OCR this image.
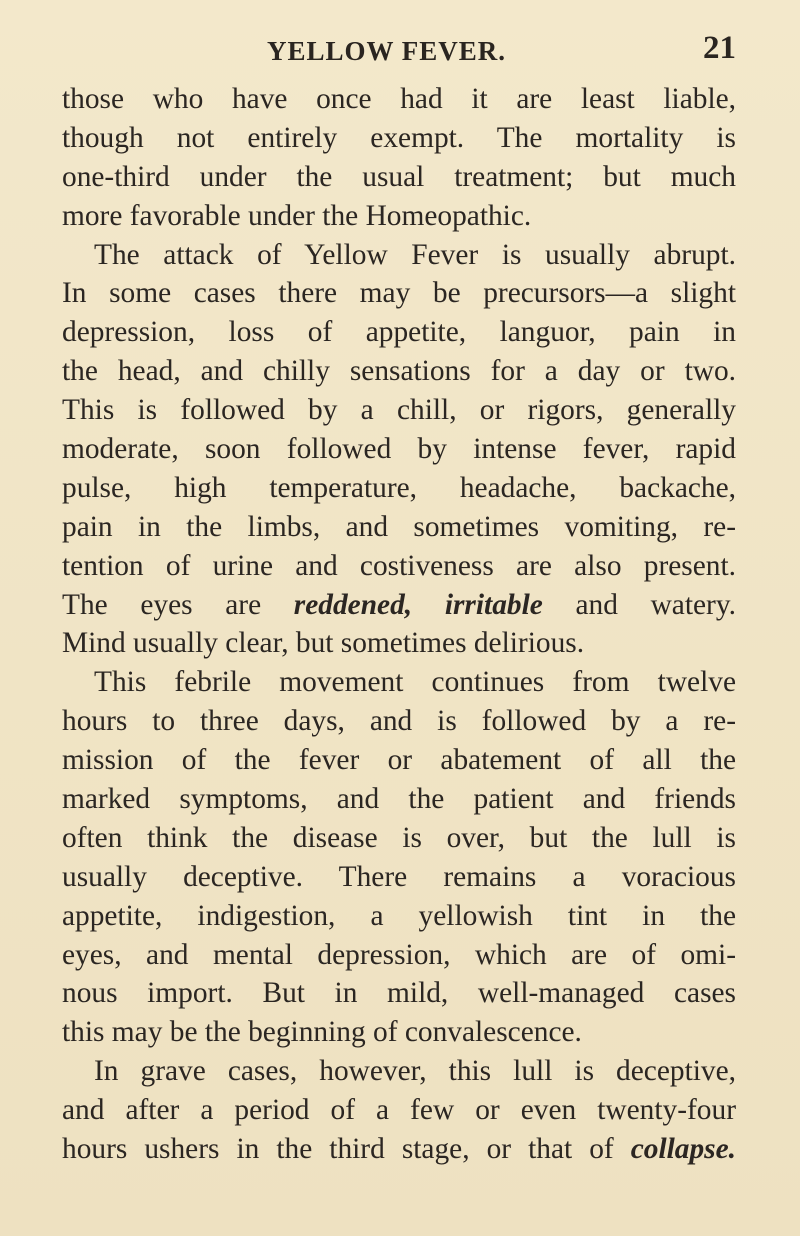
YELLOW FEVER.	21
those who have once had it are least liable,
though not entirely exempt. The mortality is
one-third under the usual treatment; but much
more favorable under the Homeopathic.
The attack of Yellow Fever is usually abrupt.
In some cases there may be precursors—a slight
depression, loss of appetite, languor, pain in
the head, and chilly sensations for a day or two.
This is followed by a chill, or rigors, generally
moderate, soon followed by intense fever, rapid
pulse, high temperature, headache, backache,
pain in the limbs, and sometimes vomiting, re-
tention of urine and costiveness are also present.
The eyes are reddened, irritable and watery.
Mind usually clear, but sometimes delirious.
This febrile movement continues from twelve
hours to three days, and is followed by a re-
mission of the fever or abatement of all the
marked symptoms, and the patient and friends
often think the disease is over, but the lull is
usually deceptive. There remains a voracious
appetite, indigestion, a yellowish tint in the
eyes, and mental depression, which are of omi-
nous import. But in mild, well-managed cases
this may be the beginning of convalescence.
In grave cases, however, this lull is deceptive,
and after a period of a few or even twenty-four
hours ushers in the third stage, or that of collapse.
